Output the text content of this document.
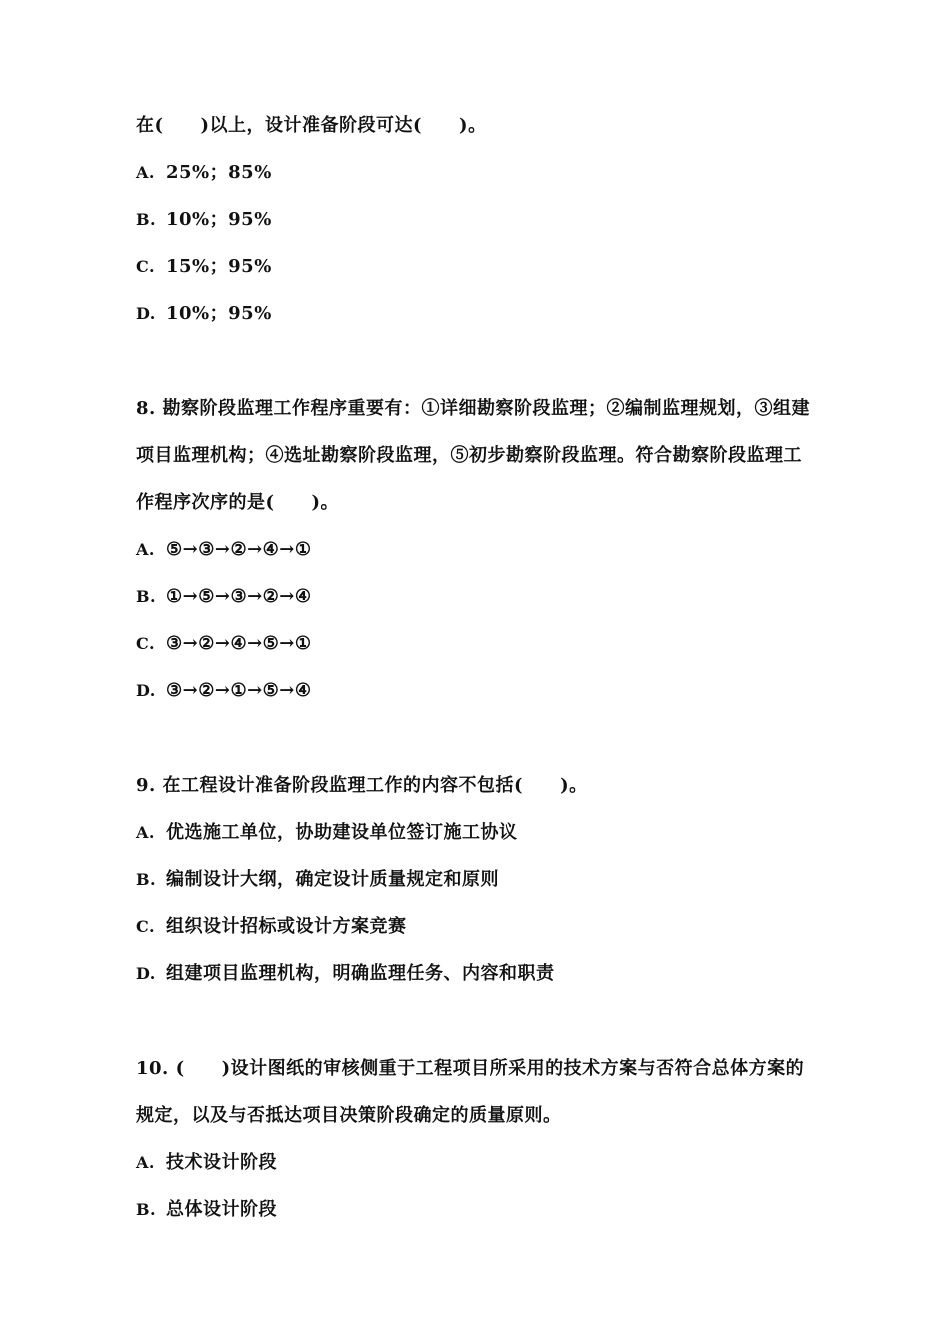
在(　　)以上，设计准备阶段可达(　　)。
A. 25%；85%
B. 10%；95%
C. 15%；95%
D. 10%；95%
8. 勘察阶段监理工作程序重要有：①详细勘察阶段监理；②编制监理规划，③组建
项目监理机构；④选址勘察阶段监理，⑤初步勘察阶段监理。符合勘察阶段监理工
作程序次序的是(　　)。
A. ⑤→③→②→④→①
B. ①→⑤→③→②→④
C. ③→②→④→⑤→①
D. ③→②→①→⑤→④
9. 在工程设计准备阶段监理工作的内容不包括(　　)。
A. 优选施工单位，协助建设单位签订施工协议
B. 编制设计大纲，确定设计质量规定和原则
C. 组织设计招标或设计方案竞赛
D. 组建项目监理机构，明确监理任务、内容和职责
10. (　　)设计图纸的审核侧重于工程项目所采用的技术方案与否符合总体方案的
规定，以及与否抵达项目决策阶段确定的质量原则。
A. 技术设计阶段
B. 总体设计阶段
